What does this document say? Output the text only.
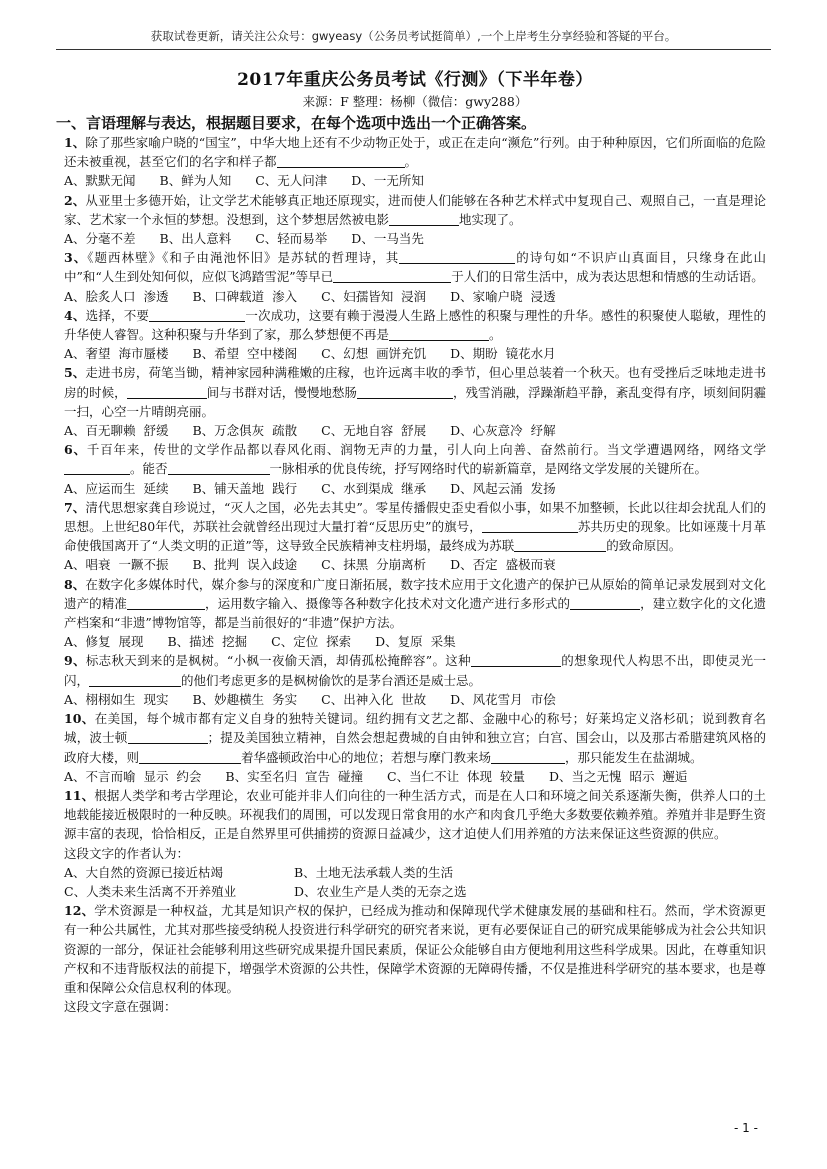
获取试卷更新，请关注公众号：gwyeasy（公务员考试挺简单）,一个上岸考生分享经验和答疑的平台。
2017年重庆公务员考试《行测》（下半年卷）
来源：F 整理：杨柳（微信：gwy288）
一、言语理解与表达，根据题目要求，在每个选项中选出一个正确答案。

1、除了那些家喻户晓的“国宝”，中华大地上还有不少动物正处于，或正在走向“濒危”行列。由于种种原因，它们所面临的危险还未被重视，甚至它们的名字和样子都	。

A、默默无闻 B、鲜为人知 C、无人问津 D、一无所知

2、从亚里士多德开始，让文学艺术能够真正地还原现实，进而使人们能够在各种艺术样式中复现自己、观照自己，一直是理论家、艺术家一个永恒的梦想。没想到，这个梦想居然被电影	地实现了。

A、分毫不差 B、出人意料 C、轻而易举 D、一马当先

3、《题西林壁》《和子由渑池怀旧》是苏轼的哲理诗，其	的诗句如“不识庐山真面目，只缘身在此山中”和“人生到处知何似，应似飞鸿踏雪泥”等早已	于人们的日常生活中，成为表达思想和情感的生动话语。

A、脍炙人口  渗透 B、口碑载道  渗入 C、妇孺皆知  浸润 D、家喻户晓  浸透

4、选择，不要	一次成功，这要有赖于漫漫人生路上感性的积聚与理性的升华。感性的积聚使人聪敏，理性的升华使人睿智。这种积聚与升华到了家，那么梦想便不再是	。

A、奢望  海市蜃楼 B、希望  空中楼阁 C、幻想  画饼充饥 D、期盼  镜花水月

5、走进书房，荷笔当锄，精神家园种满稚嫩的庄稼，也许远离丰收的季节，但心里总装着一个秋天。也有受挫后乏味地走进书房的时候，	间与书群对话，慢慢地愁肠	，残雪消融，浮躁渐趋平静，紊乱变得有序，顷刻间阴霾一扫，心空一片晴朗亮丽。

A、百无聊赖  舒缓 B、万念俱灰  疏散 C、无地自容  舒展 D、心灰意冷  纾解

6、千百年来，传世的文学作品都以春风化雨、润物无声的力量，引人向上向善、奋然前行。当文学遭遇网络，网络文学。能否	一脉相承的优良传统，抒写网络时代的崭新篇章，是网络文学发展的关键所在。

A、应运而生  延续 B、铺天盖地  践行 C、水到渠成  继承 D、风起云涌  发扬

7、清代思想家龚自珍说过，“灭人之国，必先去其史”。零星传播假史歪史看似小事，如果不加整顿，长此以往却会扰乱人们的思想。上世纪80年代，苏联社会就曾经出现过大量打着“反思历史”的旗号，	苏共历史的现象。比如诬蔑十月革命使俄国离开了“人类文明的正道”等，这导致全民族精神支柱坍塌，最终成为苏联	的致命原因。

A、唱衰  一蹶不振 B、批判  误入歧途 C、抹黑  分崩离析 D、否定  盛极而衰

8、在数字化多媒体时代，媒介参与的深度和广度日渐拓展，数字技术应用于文化遗产的保护已从原始的简单记录发展到对文化遗产的精准	，运用数字输入、摄像等各种数字化技术对文化遗产进行多形式的	，建立数字化的文化遗产档案和“非遗”博物馆等，都是当前很好的“非遗”保护方法。

A、修复  展现 B、描述  挖掘 C、定位  探索 D、复原  采集

9、标志秋天到来的是枫树。“小枫一夜偷天酒，却倩孤松掩醉容”。这种	的想象现代人构思不出，即使灵光一闪，	的他们考虑更多的是枫树偷饮的是茅台酒还是威士忌。

A、栩栩如生  现实 B、妙趣横生  务实 C、出神入化  世故 D、风花雪月  市侩

10、在美国，每个城市都有定义自身的独特关键词。纽约拥有文艺之都、金融中心的称号；好莱坞定义洛杉矶；说到教育名城，波士顿	；提及美国独立精神，自然会想起费城的自由钟和独立宫；白宫、国会山，以及那古希腊建筑风格的政府大楼，则	着华盛顿政治中心的地位；若想与摩门教来场	，那只能发生在盐湖城。

A、不言而喻  显示  约会 B、实至名归  宣告  碰撞 C、当仁不让  体现  较量 D、当之无愧  昭示  邂逅

11、根据人类学和考古学理论，农业可能并非人们向往的一种生活方式，而是在人口和环境之间关系逐渐失衡，供养人口的土地载能接近极限时的一种反映。环视我们的周围，可以发现日常食用的水产和肉食几乎绝大多数要依赖养殖。养殖并非是野生资源丰富的表现，恰恰相反，正是自然界里可供捕捞的资源日益减少，这才迫使人们用养殖的方法来保证这些资源的供应。

这段文字的作者认为：

A、大自然的资源已接近枯竭	B、土地无法承载人类的生活

C、人类未来生活离不开养殖业	D、农业生产是人类的无奈之选

12、学术资源是一种权益，尤其是知识产权的保护，已经成为推动和保障现代学术健康发展的基础和柱石。然而，学术资源更有一种公共属性，尤其对那些接受纳税人投资进行科学研究的研究者来说，更有必要保证自己的研究成果能够成为社会公共知识资源的一部分，保证社会能够利用这些研究成果提升国民素质，保证公众能够自由方便地利用这些科学成果。因此，在尊重知识产权和不违背版权法的前提下，增强学术资源的公共性，保障学术资源的无障碍传播，不仅是推进科学研究的基本要求，也是尊重和保障公众信息权利的体现。

这段文字意在强调：

- 1 -
